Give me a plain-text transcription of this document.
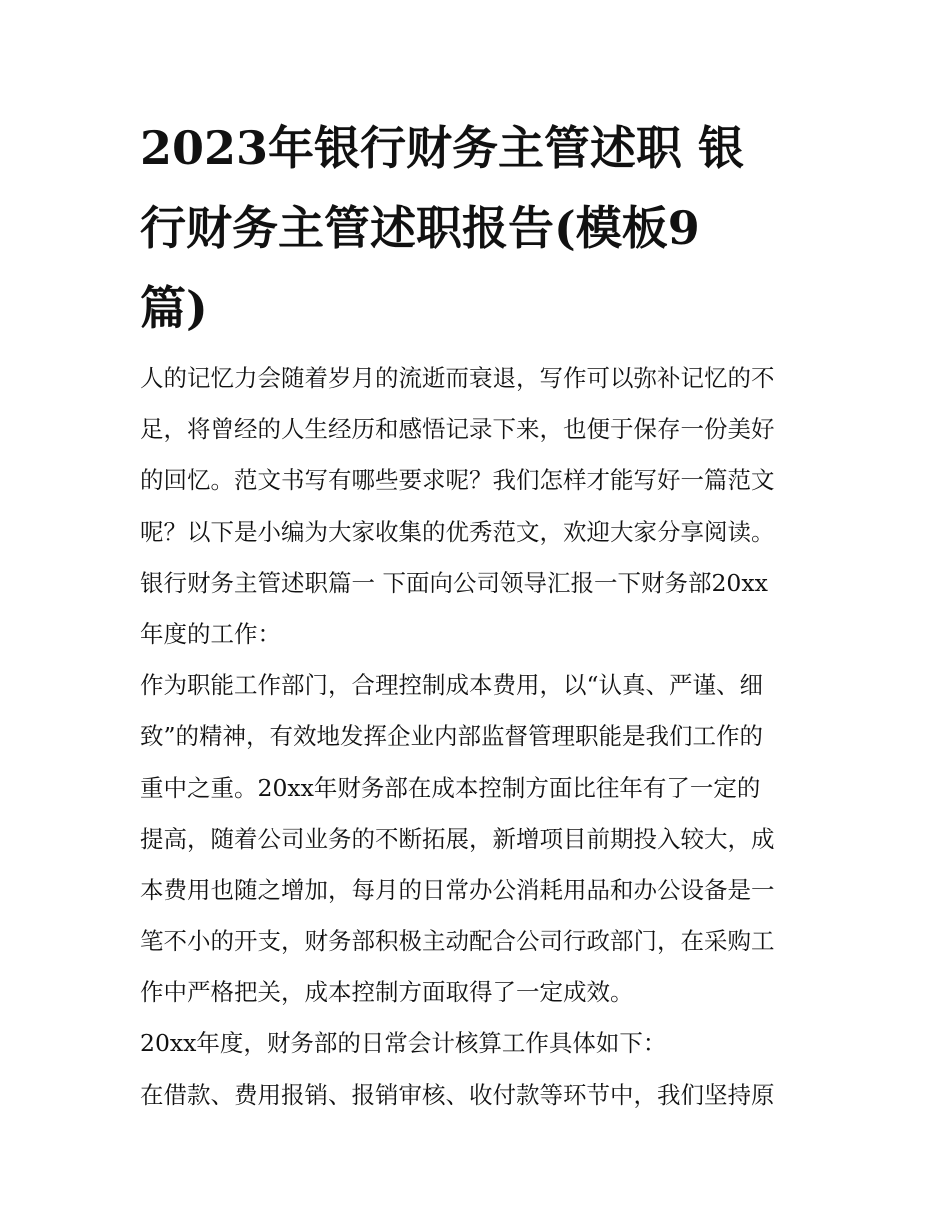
2023年银行财务主管述职 银
行财务主管述职报告(模板9
篇)
人的记忆力会随着岁月的流逝而衰退，写作可以弥补记忆的不
足，将曾经的人生经历和感悟记录下来，也便于保存一份美好
的回忆。范文书写有哪些要求呢？我们怎样才能写好一篇范文
呢？以下是小编为大家收集的优秀范文，欢迎大家分享阅读。
银行财务主管述职篇一 下面向公司领导汇报一下财务部20xx
年度的工作：
作为职能工作部门，合理控制成本费用，以“认真、严谨、细
致”的精神，有效地发挥企业内部监督管理职能是我们工作的
重中之重。20xx年财务部在成本控制方面比往年有了一定的
提高，随着公司业务的不断拓展，新增项目前期投入较大，成
本费用也随之增加，每月的日常办公消耗用品和办公设备是一
笔不小的开支，财务部积极主动配合公司行政部门，在采购工
作中严格把关，成本控制方面取得了一定成效。
20xx年度，财务部的日常会计核算工作具体如下：
在借款、费用报销、报销审核、收付款等环节中，我们坚持原
